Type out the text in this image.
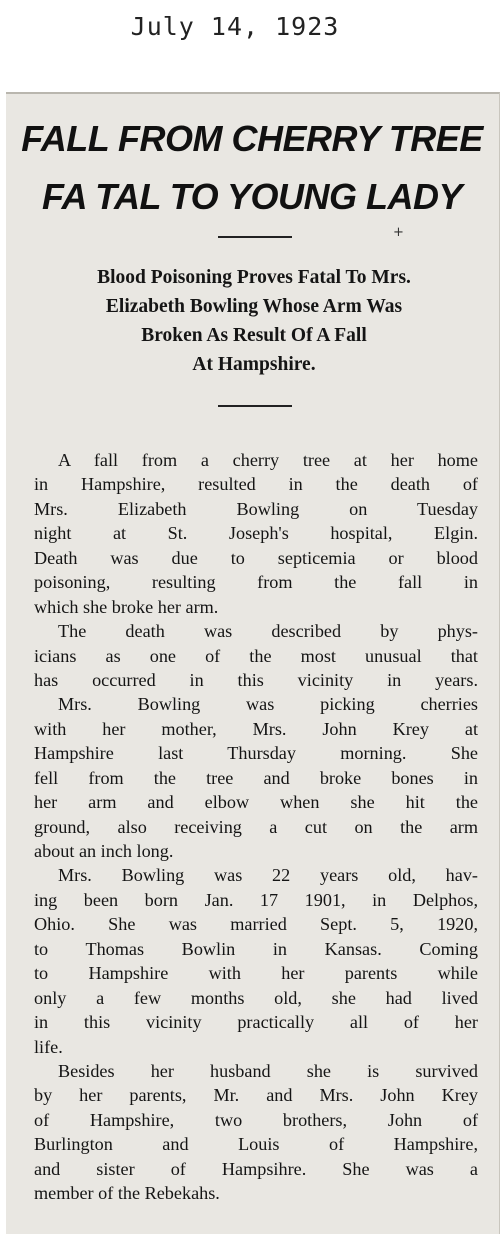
July 14, 1923
FALL FROM CHERRY TREE
FA TAL TO YOUNG LADY
+
Blood Poisoning Proves Fatal To Mrs.
Elizabeth Bowling Whose Arm Was
Broken As Result Of A Fall
At Hampshire.
A fall from a cherry tree at her home
in Hampshire, resulted in the death of
Mrs. Elizabeth Bowling on Tuesday
night at St. Joseph's hospital, Elgin.
Death was due to septicemia or blood
poisoning, resulting from the fall in
which she broke her arm.
The death was described by phys-
icians as one of the most unusual that
has occurred in this vicinity in years.
Mrs. Bowling was picking cherries
with her mother, Mrs. John Krey at
Hampshire last Thursday morning. She
fell from the tree and broke bones in
her arm and elbow when she hit the
ground, also receiving a cut on the arm
about an inch long.
Mrs. Bowling was 22 years old, hav-
ing been born Jan. 17 1901, in Delphos,
Ohio. She was married Sept. 5, 1920,
to Thomas Bowlin in Kansas. Coming
to Hampshire with her parents while
only a few months old, she had lived
in this vicinity practically all of her
life.
Besides her husband she is survived
by her parents, Mr. and Mrs. John Krey
of Hampshire, two brothers, John of
Burlington and Louis of Hampshire,
and sister of Hampsihre. She was a
member of the Rebekahs.
